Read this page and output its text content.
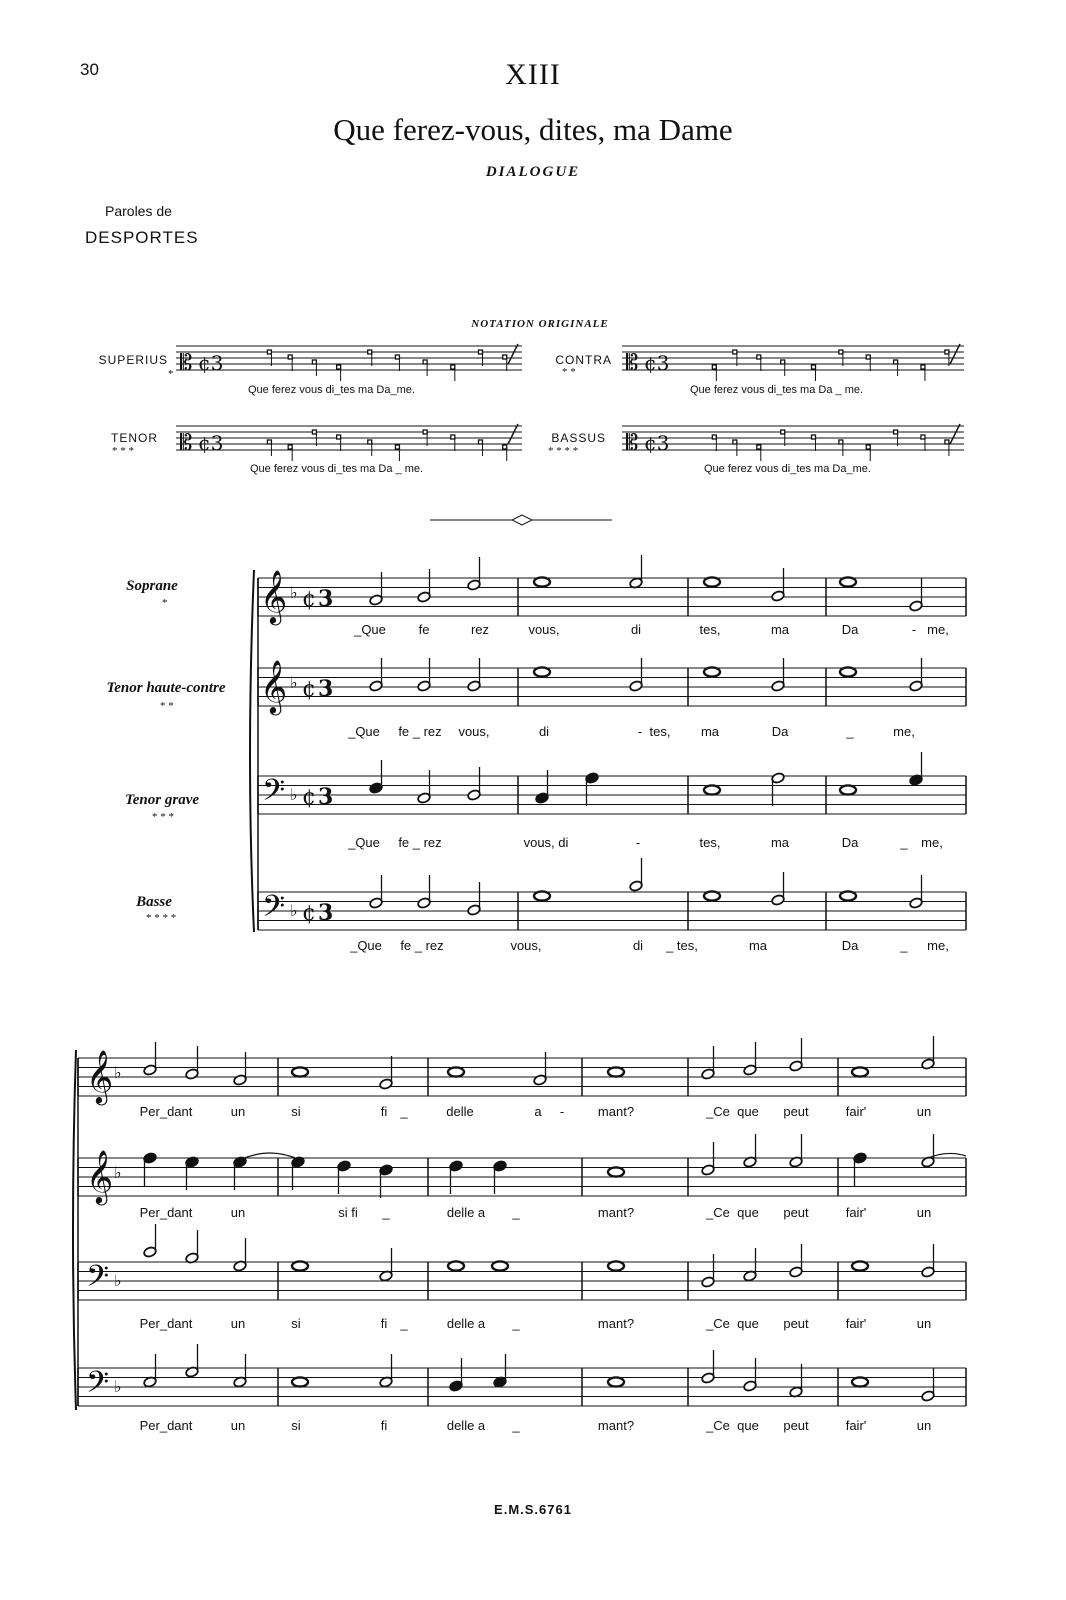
30	XIII
Que ferez-vous, dites, ma Dame
DIALOGUE
Paroles de
DESPORTES
NOTATION ORIGINALE
SUPERIUS
*
CONTRA
* *
TENOR
* * *
BASSUS
* * * *
Que ferez vous di_tes ma Da_me.	Que ferez vous di_tes ma Da _ me.
Que ferez vous di_tes ma Da _ me.	Que ferez vous di_tes ma Da_me.
Soprane
*
Tenor haute-contre
* *
Tenor grave
* * *
Basse
* * * *
𝄡 ¢3	𝄡 ¢3
𝄡 ¢3	𝄡 ¢3
𝄞 ♭ ¢ 3
𝄞 ♭ ¢ 3
𝄢 ♭ ¢ 3
𝄢 ♭ ¢ 3
_Que	fe	rez	vous,	di	tes,	ma	Da	- me,
_Que fe _ rez vous,	di	- tes, ma	Da	_	me,
_Que fe _ rez	vous, di	-	tes,	ma	Da	_ me,
_Que fe _ rez	vous,	di _ tes,	ma	Da	_ me,
𝄞 ♭
𝄞 ♭
𝄢 ♭
𝄢 ♭
Per_dant	un	si	fi _	delle	a -	mant?	_Ce que peut	fair'	un
Per_dant	un	si fi _	delle a _	mant?	_Ce que peut	fair'	un
Per_dant	un	si	fi _	delle a _	mant?	_Ce que peut	fair'	un
Per_dant	un	si	fi	delle a _	mant?	_Ce que peut	fair'	un
E.M.S.6761
